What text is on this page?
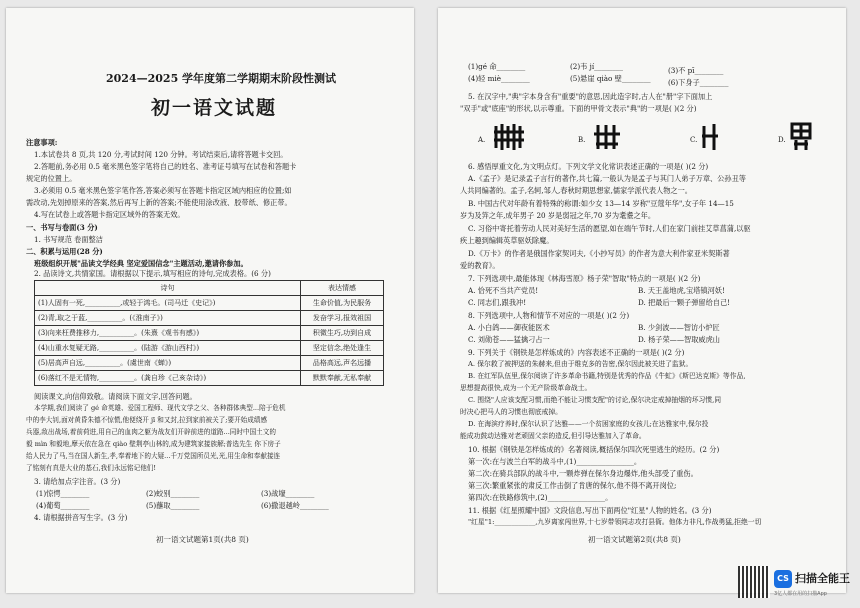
2024—2025 学年度第二学期期末阶段性测试
初一语文试题
注意事项:
1.本试卷共 8 页,共 120 分,考试时间 120 分钟。考试结束后,请将答题卡交回。
2.答题前,务必用 0.5 毫米黑色签字笔将自己的姓名、准考证号填写在试卷和答题卡
规定的位置上。
3.必须用 0.5 毫米黑色签字笔作答,答案必须写在答题卡指定区域内相应的位置;如
需改动,先划掉原来的答案,然后再写上新的答案;不能使用涂改液、胶带纸、修正带。
4.写在试卷上或答题卡指定区域外的答案无效。
一、书写与卷面(3 分)
1. 书写规范 卷面整洁
二、积累与运用(28 分)
班级组织开展"品读文学经典 坚定爱国信念"主题活动,邀请你参加。
2. 品读诗文,共情家国。请根据以下提示,填写相应的诗句,完成表格。(6 分)
诗句	表达情感
(1)人固有一死,__________,或轻于鸿毛。(司马迁《史记》)	生命价值,为民服务
(2)青,取之于蓝,__________。(《淮南子》)	发奋学习,报效祖国
(3)向来枉费推移力,__________。(朱熹《观书有感》)	积微生巧,功到自成
(4)山重水复疑无路,__________。(陆游《游山西村》)	坚定信念,绝处逢生
(5)居高声自远,__________。(虞世南《蝉》)	品格高远,声名远播
(6)落红不是无情物,__________。(龚自珍《己亥杂诗》)	默默奉献,无私奉献
阅读课文,向信仰致敬。请阅读下面文字,回答问题。
本学期,我们阅读了 gé 命英雄、爱国工程师、现代文学之父、各种群体典型...陪于危机
中的李大钊,面对黄昏朱德不惊慌,他便绕开 jī 和又封,拉到家前被关了;要开始成绩感
兵器,敌出战场,着前荷进,用自己的血肉之躯为战友们开辟前进的道路...同时中国土文的
毅 mìn 和毅地,摩天依在急在 qiào 壁荆亭山林的,成为建筑家接族解;普选先生 你下房子
给人民力了马,当在国人新生,孝,奉着地下的大疑...千万党国所员光,光,用生命和奉献接连
了铭刻有真是大业的基石,我们永远铭记他们!
3. 请给加点字注音。(3 分)
(1)惊愕________	(2)蛟别________	(3)战壕________
(4)葡萄________	(5)蘸取________	(6)撒退越岭________
4. 请根据拼音写生字。(3 分)
初一语文试题第1页(共8 页)
(1)gé 命________	(2)韦 jí________	(3)不 pī________
(4)轻 miè________	(5)悬崖 qiào 壁________ (6)下身子________
5. 在汉字中,"典"字本身含有"重要"的意思,因此造字时,古人在"册"字下面加上
"双手"或"底座"的形状,以示尊重。下面的甲骨文表示"典"的一项是( )(2 分)
A.	B.	C.	D.
6. 感悟厚重文化,为文明点灯。下列文学文化常识表述正确的一项是( )(2 分)
A.《孟子》是记录孟子言行的著作,共七篇,一般认为是孟子与其门人弟子万章、公孙丑等
人共同编著的。孟子,名轲,邹人,春秋时期思想家,儒家学派代表人物之一。
B. 中国古代对年龄有着特殊的称谓:如少女 13—14 岁称"豆蔻年华",女子年 14—15
岁为及笄之年,成年男子 20 岁是弱冠之年,70 岁为耄耋之年。
C. 习俗中寄托着劳动人民对美好生活的愿望,如在端午节时,人们在家门前挂艾草菖蒲,以驱
疾上趣到编辑英草驱妖除魔。
D.《万卡》的作者是俄国作家契诃夫,《小抄写员》的作者为意大利作家亚米契斯著
爱的教育》。
7. 下列选项中,最能体现《林海雪原》杨子荣"智取"特点的一项是( )(2 分)
A. 恰死不当共产党员!	B. 天王盖地虎,宝塔镇河妖!
C. 同志们,跟我冲!	D. 把最后一颗子弹留给自己!
8. 下列选项中,人物和情节不对应的一项是( )(2 分)
A. 小白鸽——御夜能医术	B. 少剑波——智访小炉匠
C. 刘勋苍——猛擒刁占一	D. 杨子荣——智取威虎山
9. 下列关于《钢铁是怎样炼成的》内容表述不正确的一项是( )(2 分)
A. 保尔救了被押送的朱赫来,但由于维克多的告密,保尔因此被关进了监狱。
B. 在红军队伍里,保尔阅读了许多革命书籍,特别是优秀的作品《牛虻》《斯巴达克斯》等作品,
思想提高很快,成为一个无产阶级革命战士。
C. 围绕"人应该支配习惯,而绝不能让习惯支配"的讨论,保尔决定戒掉抽烟的坏习惯,同
时决心把马人的习惯也彻底戒掉。
D. 在海滨疗养时,保尔认识了达雅——一个贫困家庭的女孩儿;在达雅家中,保尔投
能成功鼓动达雅对老顽固父亲的造反,但引导达雅加入了革命。
10. 根据《钢铁是怎样炼成的》名著阅读,概括保尔四次死里逃生的经历。(2 分)
第一次:在与波兰白军的战斗中,(1)________________。
第二次:在骑兵部队的战斗中,一颗炸弹在保尔身边爆炸,他头部受了重伤。
第三次:繁重紧张的肃反工作击倒了肯唐的保尔,他不得不离开岗位;
第四次:在铁路修筑中,(2)________________。
11. 根据《红星照耀中国》文段信息,写出下面两位"红星"人物的姓名。(3 分)
"红星"1:____________,九岁离家闯世界,十七岁带领同志攻打县衙。他体力非凡,作战勇猛,拒绝一切
初一语文试题第2页(共8 页)
CS 扫描全能王
3亿人都在用的扫描App
